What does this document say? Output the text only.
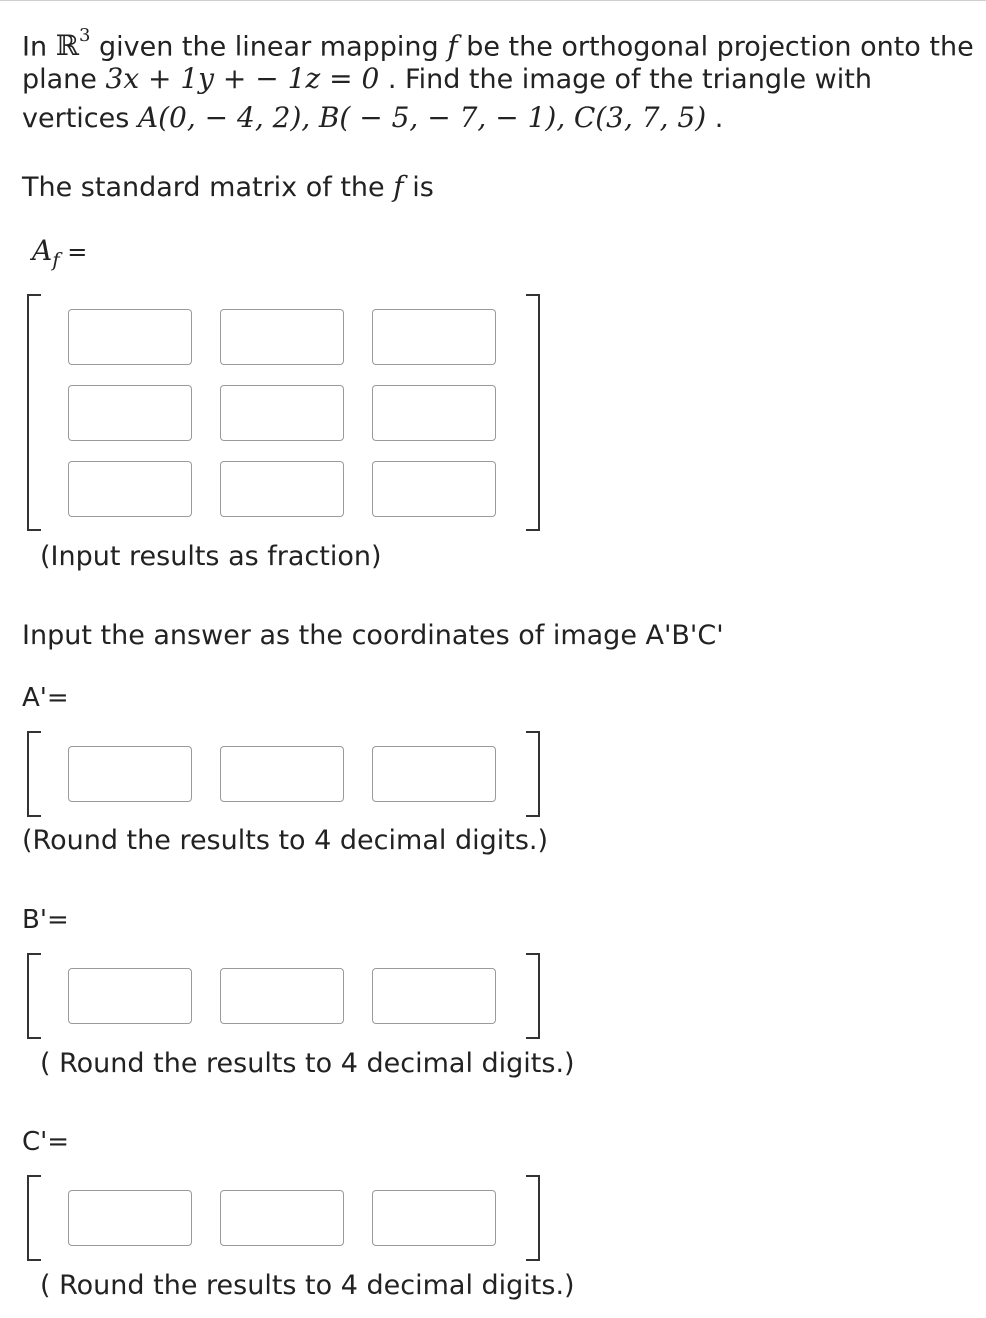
In ℝ$^3$ given the linear mapping f be the orthogonal projection onto the
plane 3x + 1y + − 1z = 0 . Find the image of the triangle with
vertices A(0, − 4, 2), B( − 5, − 7, − 1), C(3, 7, 5) .
The standard matrix of the f is
$A_f$ =
(Input results as fraction)
Input the answer as the coordinates of image A'B'C'
A'=
(Round the results to 4 decimal digits.)
B'=
( Round the results to 4 decimal digits.)
C'=
( Round the results to 4 decimal digits.)
